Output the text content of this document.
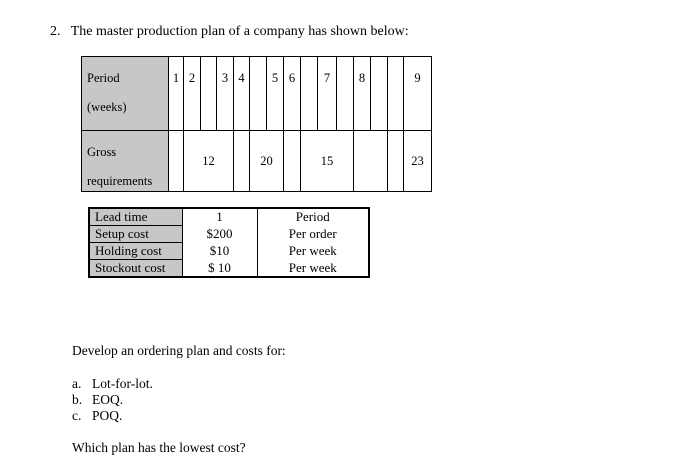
2. The master production plan of a company has shown below:
Period
(weeks)	1	2		3	4		5	6		7		8			9

Gross
requirements		12				20			15						23
Lead time	1	Period
Setup cost	$200	Per order
Holding cost	$10	Per week
Stockout cost	$ 10	Per week
Develop an ordering plan and costs for:
a. Lot-for-lot.
b. EOQ.
c. POQ.
Which plan has the lowest cost?
